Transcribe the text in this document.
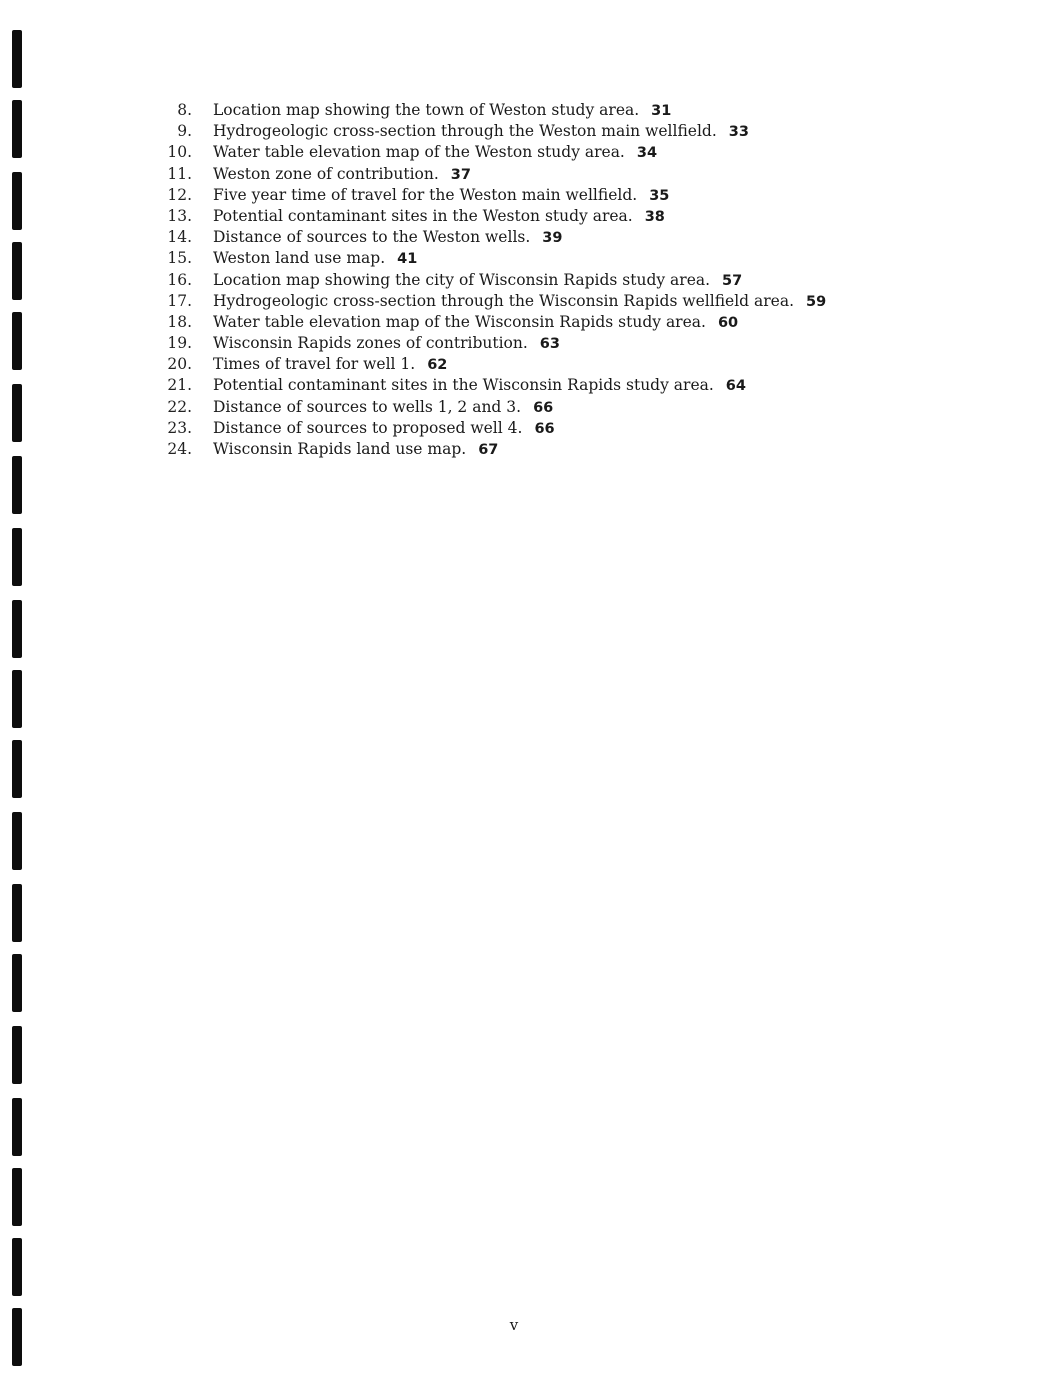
8. Location map showing the town of Weston study area. 31
9. Hydrogeologic cross-section through the Weston main wellfield. 33
10. Water table elevation map of the Weston study area. 34
11. Weston zone of contribution. 37
12. Five year time of travel for the Weston main wellfield. 35
13. Potential contaminant sites in the Weston study area. 38
14. Distance of sources to the Weston wells. 39
15. Weston land use map. 41
16. Location map showing the city of Wisconsin Rapids study area. 57
17. Hydrogeologic cross-section through the Wisconsin Rapids wellfield area. 59
18. Water table elevation map of the Wisconsin Rapids study area. 60
19. Wisconsin Rapids zones of contribution. 63
20. Times of travel for well 1. 62
21. Potential contaminant sites in the Wisconsin Rapids study area. 64
22. Distance of sources to wells 1, 2 and 3. 66
23. Distance of sources to proposed well 4. 66
24. Wisconsin Rapids land use map. 67
v
